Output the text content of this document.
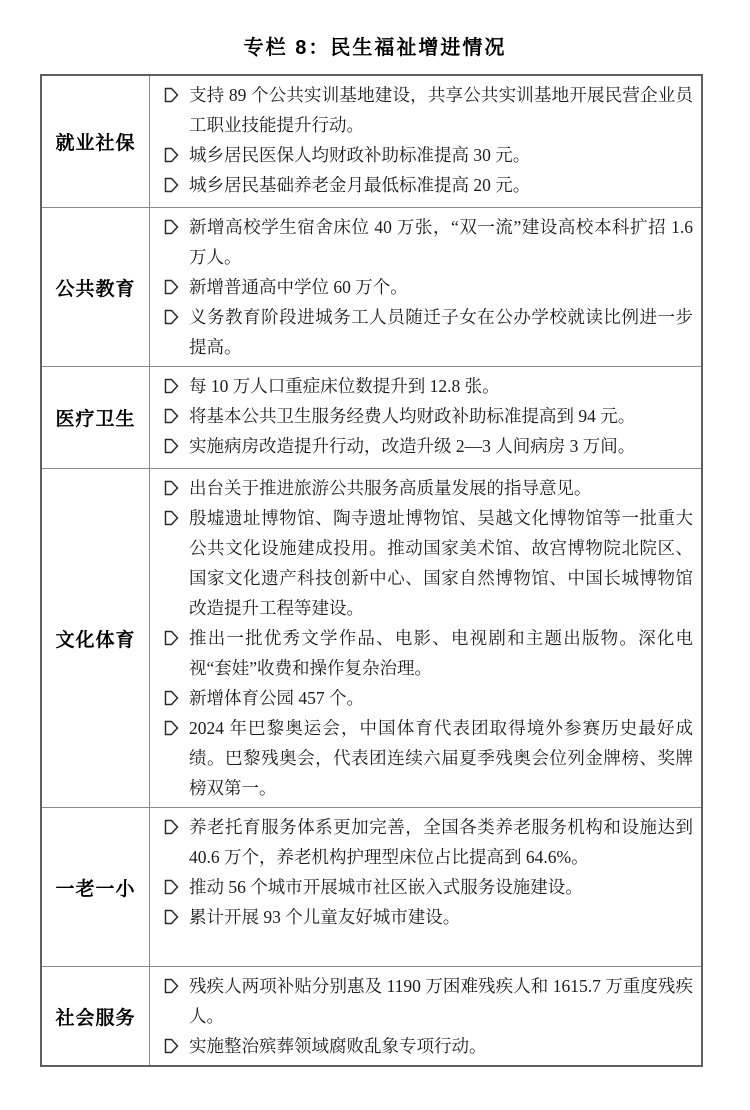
专栏 8：民生福祉增进情况
就业社保
支持 89 个公共实训基地建设，共享公共实训基地开展民营企业员工职业技能提升行动。
城乡居民医保人均财政补助标准提高 30 元。
城乡居民基础养老金月最低标准提高 20 元。
公共教育
新增高校学生宿舍床位 40 万张，“双一流”建设高校本科扩招 1.6 万人。
新增普通高中学位 60 万个。
义务教育阶段进城务工人员随迁子女在公办学校就读比例进一步提高。
医疗卫生
每 10 万人口重症床位数提升到 12.8 张。
将基本公共卫生服务经费人均财政补助标准提高到 94 元。
实施病房改造提升行动，改造升级 2—3 人间病房 3 万间。
文化体育
出台关于推进旅游公共服务高质量发展的指导意见。
殷墟遗址博物馆、陶寺遗址博物馆、吴越文化博物馆等一批重大公共文化设施建成投用。推动国家美术馆、故宫博物院北院区、国家文化遗产科技创新中心、国家自然博物馆、中国长城博物馆改造提升工程等建设。
推出一批优秀文学作品、电影、电视剧和主题出版物。深化电视“套娃”收费和操作复杂治理。
新增体育公园 457 个。
2024 年巴黎奥运会，中国体育代表团取得境外参赛历史最好成绩。巴黎残奥会，代表团连续六届夏季残奥会位列金牌榜、奖牌榜双第一。
一老一小
养老托育服务体系更加完善，全国各类养老服务机构和设施达到 40.6 万个，养老机构护理型床位占比提高到 64.6%。
推动 56 个城市开展城市社区嵌入式服务设施建设。
累计开展 93 个儿童友好城市建设。
社会服务
残疾人两项补贴分别惠及 1190 万困难残疾人和 1615.7 万重度残疾人。
实施整治殡葬领域腐败乱象专项行动。
